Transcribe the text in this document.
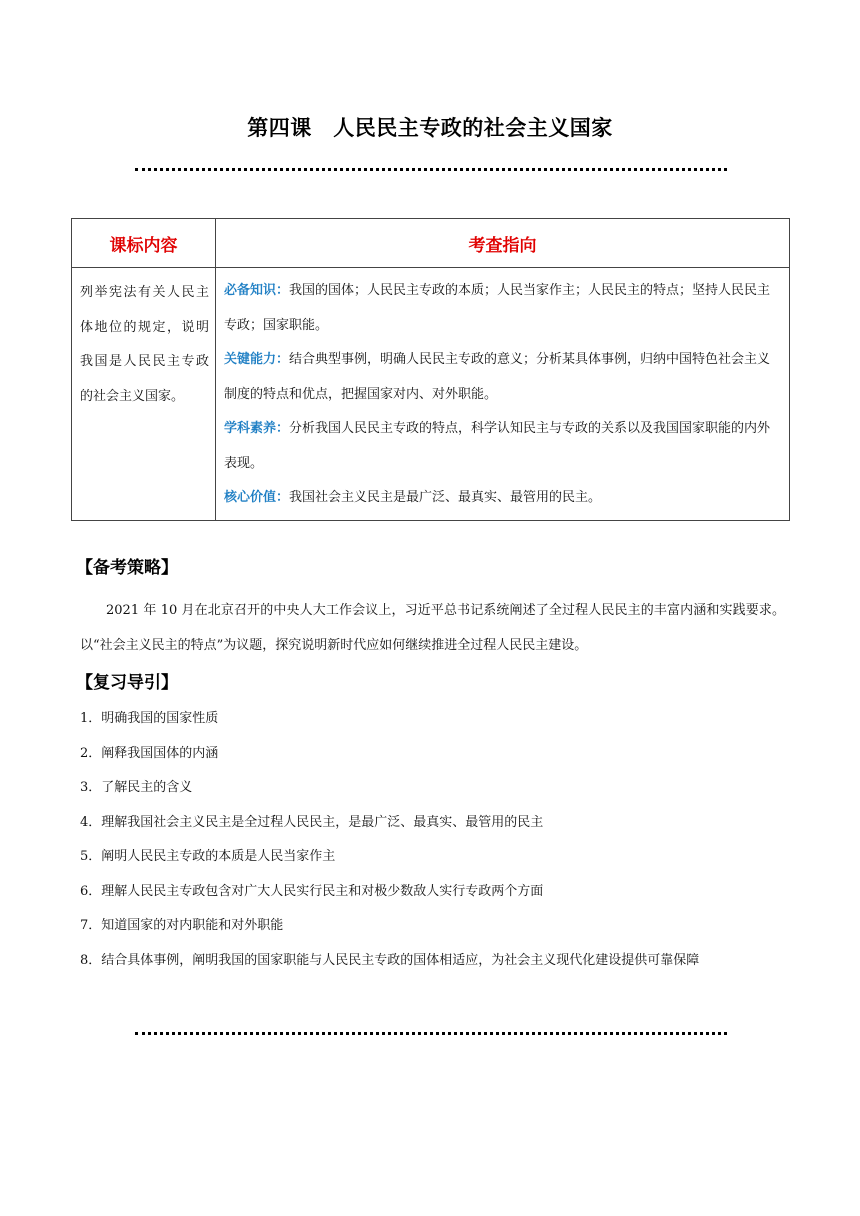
第四课　人民民主专政的社会主义国家
课标内容	考查指向
列举宪法有关人民主体地位的规定，说明我国是人民民主专政的社会主义国家。	必备知识：我国的国体；人民民主专政的本质；人民当家作主；人民民主的特点；坚持人民民主专政；国家职能。
关键能力：结合典型事例，明确人民民主专政的意义；分析某具体事例，归纳中国特色社会主义制度的特点和优点，把握国家对内、对外职能。
学科素养：分析我国人民民主专政的特点，科学认知民主与专政的关系以及我国国家职能的内外表现。
核心价值：我国社会主义民主是最广泛、最真实、最管用的民主。
【备考策略】
2021 年 10 月在北京召开的中央人大工作会议上，习近平总书记系统阐述了全过程人民民主的丰富内涵和实践要求。以“社会主义民主的特点”为议题，探究说明新时代应如何继续推进全过程人民民主建设。
【复习导引】
1．明确我国的国家性质
2．阐释我国国体的内涵
3．了解民主的含义
4．理解我国社会主义民主是全过程人民民主，是最广泛、最真实、最管用的民主
5．阐明人民民主专政的本质是人民当家作主
6．理解人民民主专政包含对广大人民实行民主和对极少数敌人实行专政两个方面
7．知道国家的对内职能和对外职能
8．结合具体事例，阐明我国的国家职能与人民民主专政的国体相适应，为社会主义现代化建设提供可靠保障
